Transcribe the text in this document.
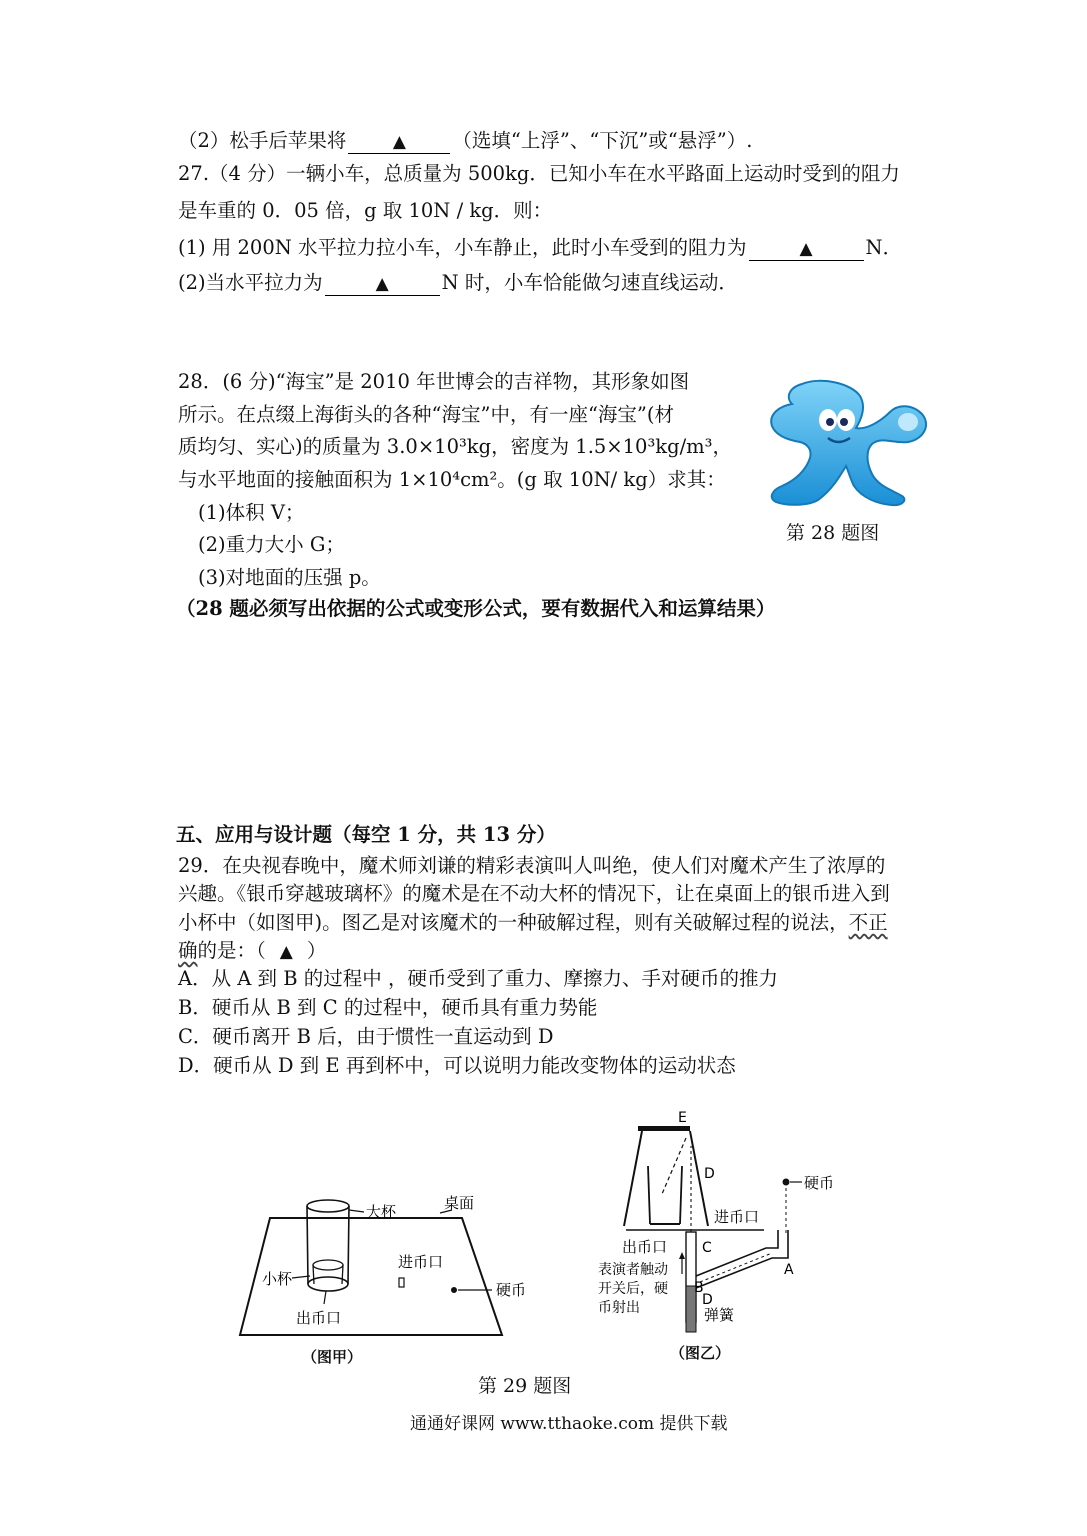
（2）松手后苹果将	▲ （选填“上浮”、“下沉”或“悬浮”）.
27.（4 分）一辆小车，总质量为 500kg．已知小车在水平路面上运动时受到的阻力
是车重的 0．05 倍，g 取 10N / kg．则：
(1) 用 200N 水平拉力拉小车，小车静止，此时小车受到的阻力为	▲	N．
(2)当水平拉力为	▲	N 时，小车恰能做匀速直线运动．
28．(6 分)“海宝”是 2010 年世博会的吉祥物，其形象如图
所示。在点缀上海街头的各种“海宝”中，有一座“海宝”(材
质均匀、实心)的质量为 3.0×10³kg，密度为 1.5×10³kg/m³，
与水平地面的接触面积为 1×10⁴cm²。(g 取 10N/ kg）求其：
(1)体积 V；
(2)重力大小 G；
(3)对地面的压强 p。
（28 题必须写出依据的公式或变形公式，要有数据代入和运算结果）
第 28 题图
五、应用与设计题（每空 1 分，共 13 分）
29．在央视春晚中，魔术师刘谦的精彩表演叫人叫绝，使人们对魔术产生了浓厚的
兴趣。《银币穿越玻璃杯》的魔术是在不动大杯的情况下，让在桌面上的银币进入到
小杯中（如图甲)。图乙是对该魔术的一种破解过程，则有关破解过程的说法，不正
确的是：（ ▲ ）
A．从 A 到 B 的过程中 ，硬币受到了重力、摩擦力、手对硬币的推力
B．硬币从 B 到 C 的过程中，硬币具有重力势能
C．硬币离开 B 后，由于惯性一直运动到 D
D．硬币从 D 到 E 再到杯中，可以说明力能改变物体的运动状态
大杯	桌面
小杯
进币口
硬币
出币口
（图甲）
E
D	硬币
进币口
出币口 C
A
B
表演者触动
开关后，硬
币射出	D
弹簧
（图乙）
第 29 题图
通通好课网 www.tthaoke.com 提供下载
